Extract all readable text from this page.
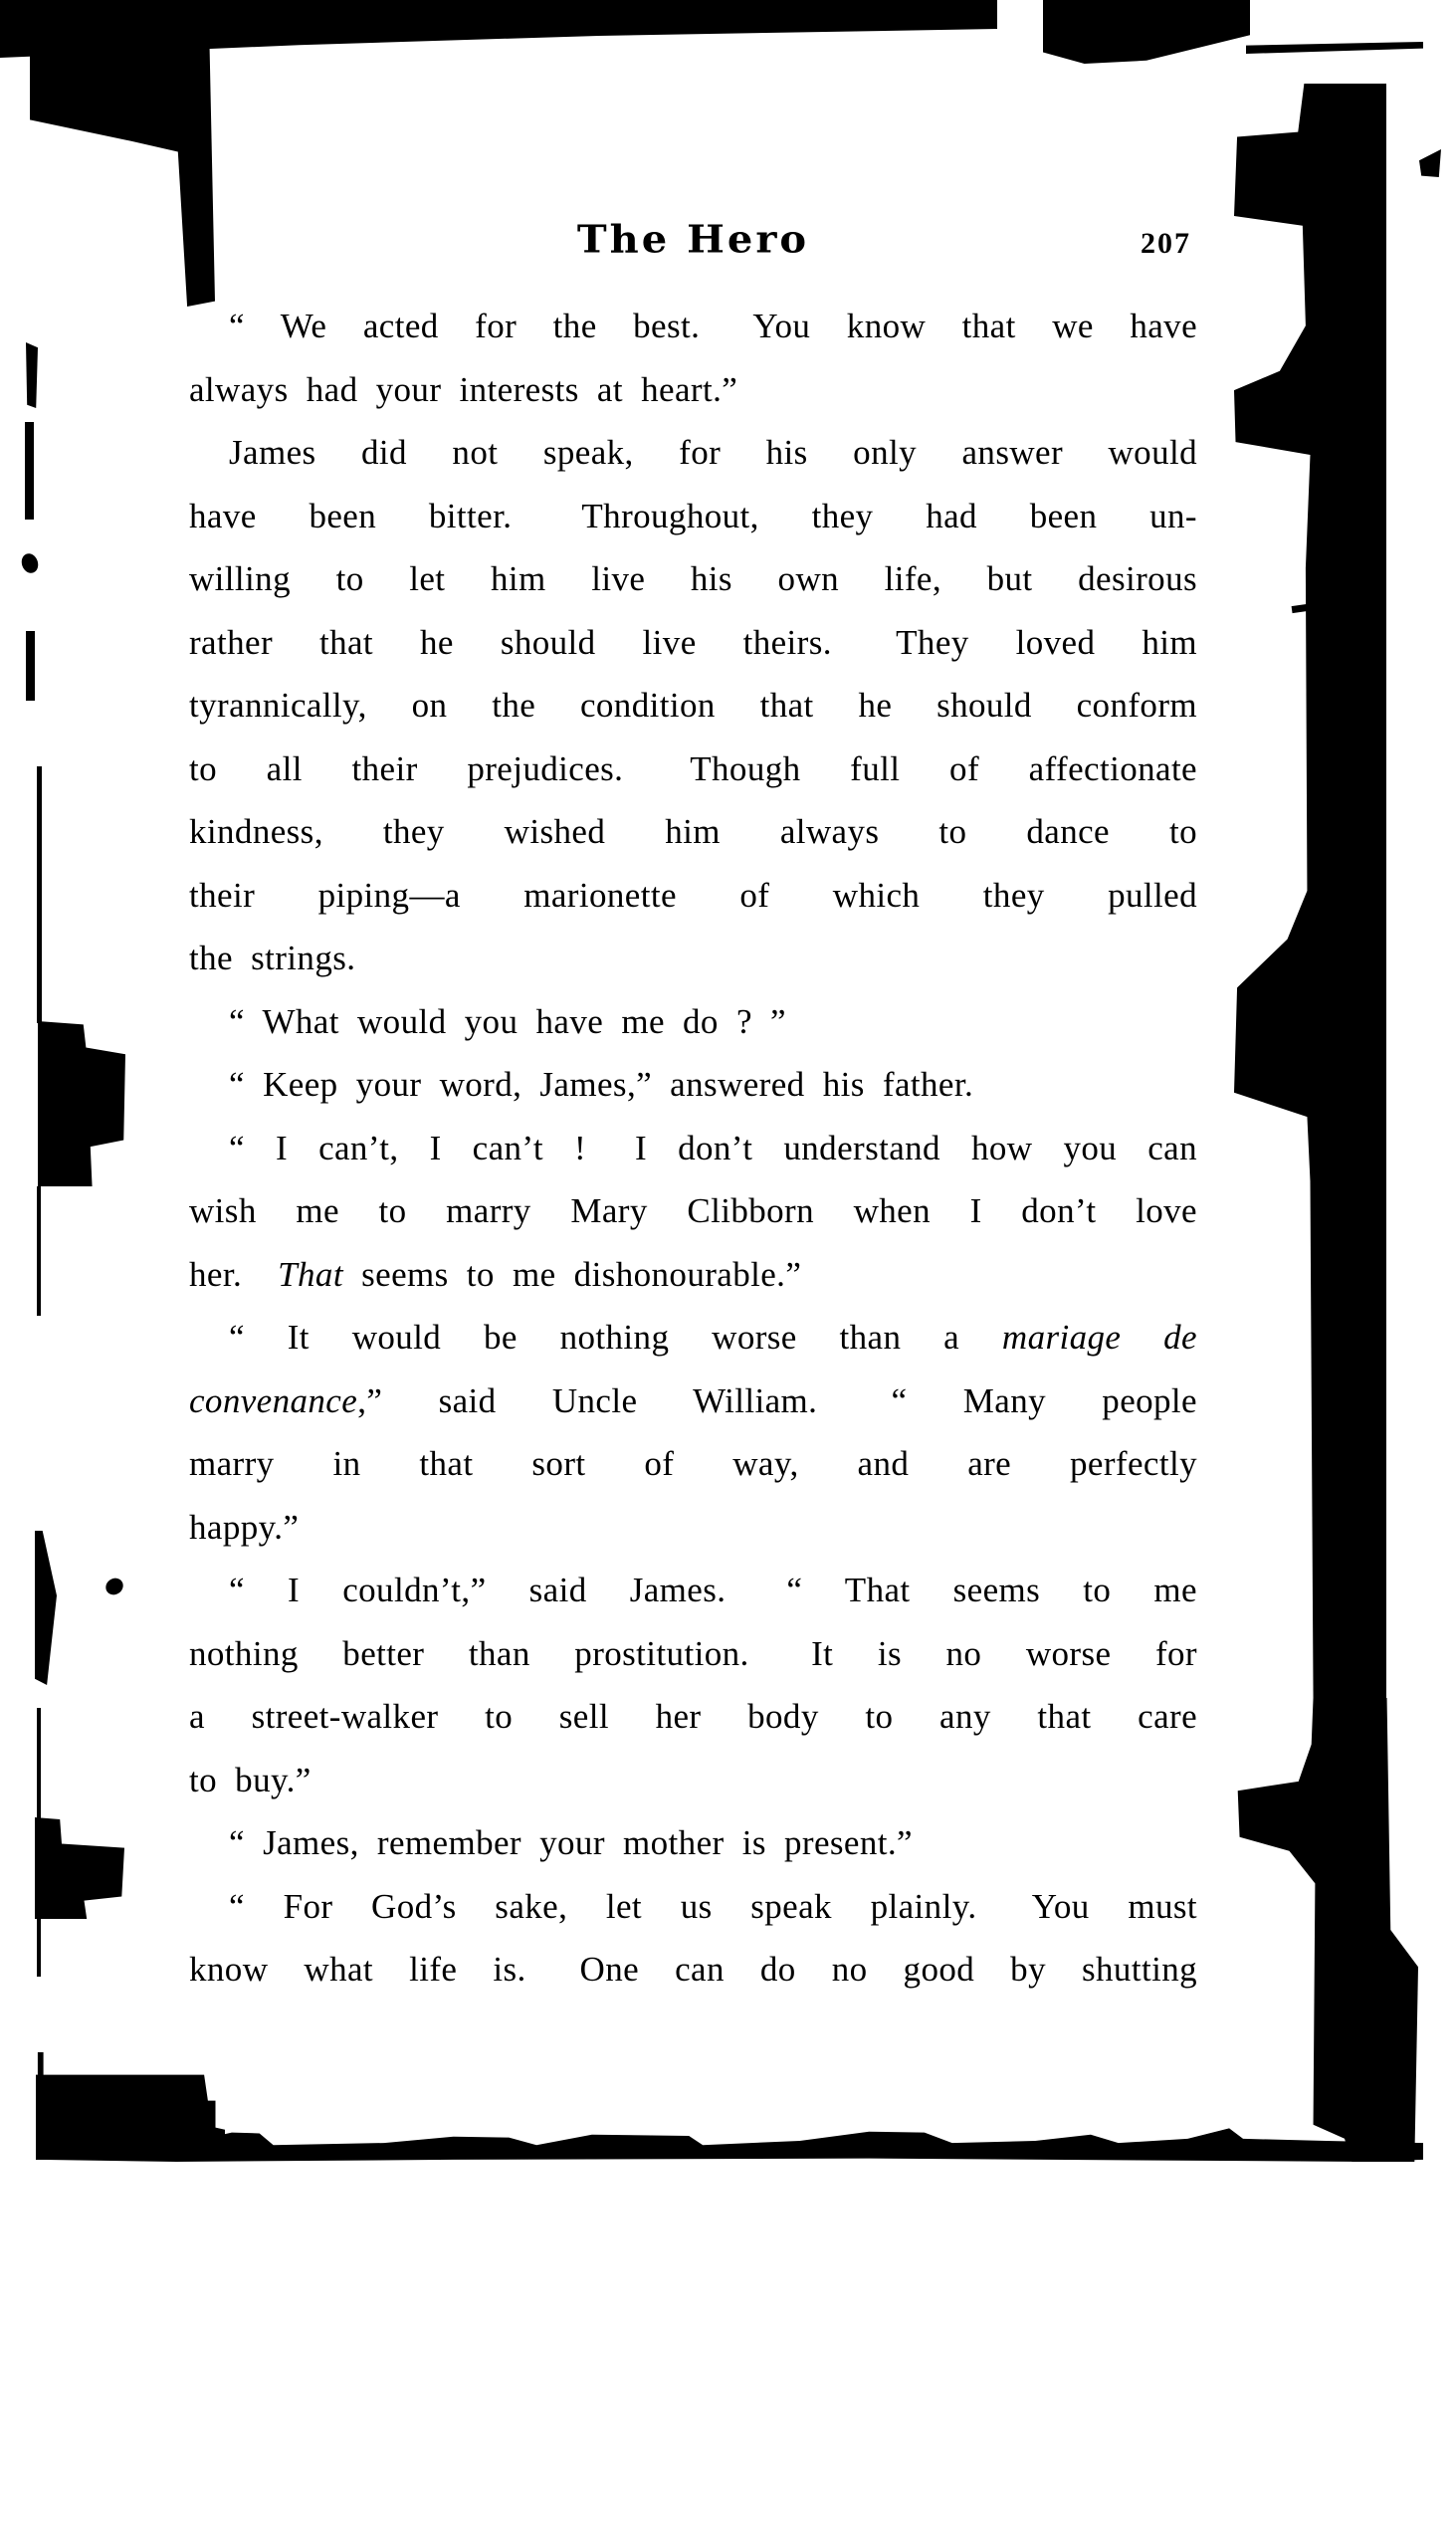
The Hero	207
“ We acted for the best.  You know that we have
always had your interests at heart.”
James did not speak, for his only answer would
have been bitter.  Throughout, they had been un-
willing to let him live his own life, but desirous
rather that he should live theirs.  They loved him
tyrannically, on the condition that he should conform
to all their prejudices.  Though full of affectionate
kindness, they wished him always to dance to
their piping—a marionette of which they pulled
the strings.
“ What would you have me do ? ”
“ Keep your word, James,” answered his father.
“ I can’t, I can’t !  I don’t understand how you can
wish me to marry Mary Clibborn when I don’t love
her.  That seems to me dishonourable.”
“ It would be nothing worse than a mariage de
convenance,” said Uncle William.  “ Many people
marry in that sort of way, and are perfectly
happy.”
“ I couldn’t,” said James.  “ That seems to me
nothing better than prostitution.  It is no worse for
a street-walker to sell her body to any that care
to buy.”
“ James, remember your mother is present.”
“ For God’s sake, let us speak plainly.  You must
know what life is.  One can do no good by shutting
